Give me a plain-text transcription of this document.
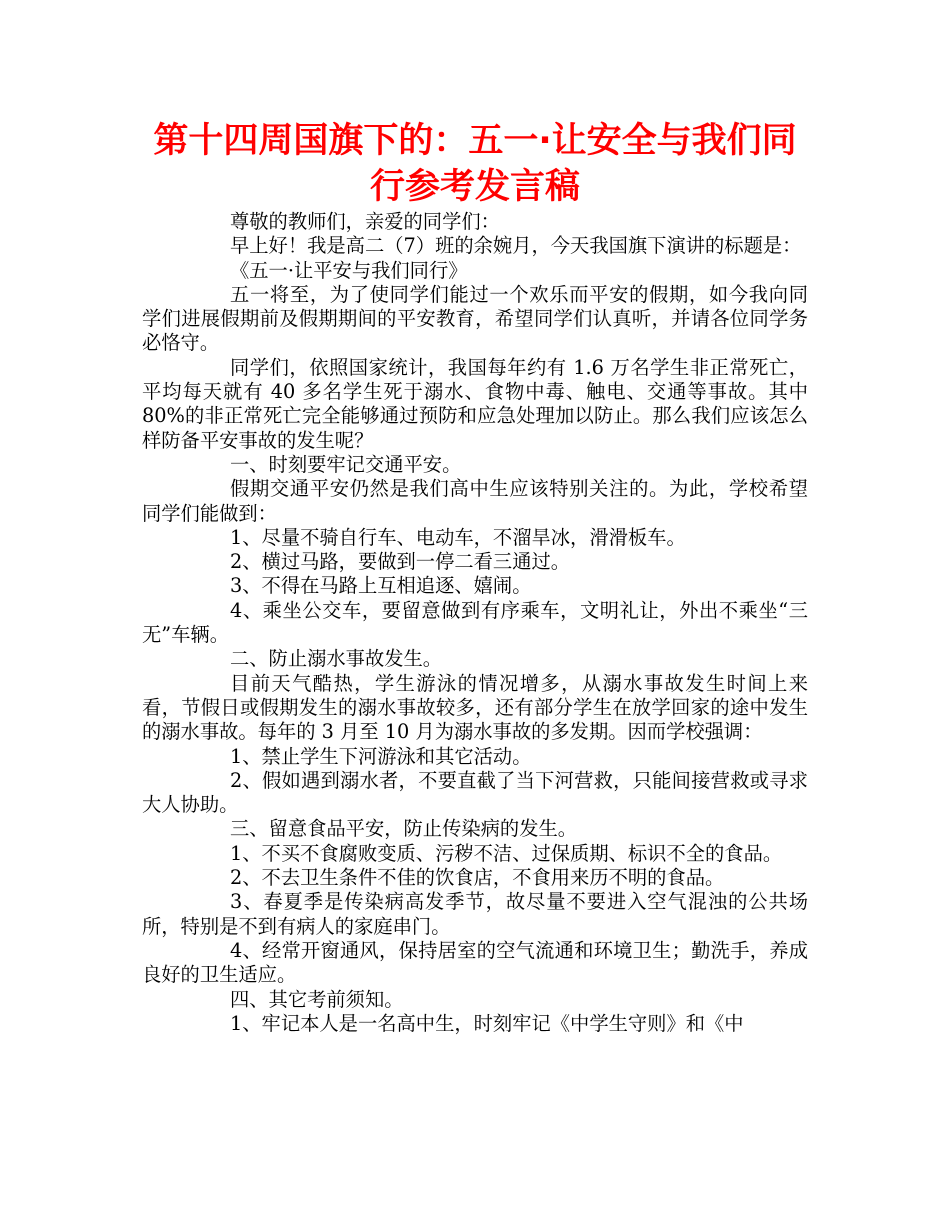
第十四周国旗下的：五一·让安全与我们同
行参考发言稿

尊敬的教师们，亲爱的同学们：

早上好！我是高二（7）班的余婉月，今天我国旗下演讲的标题是：

《五一·让平安与我们同行》

五一将至，为了使同学们能过一个欢乐而平安的假期，如今我向同学们进展假期前及假期期间的平安教育，希望同学们认真听，并请各位同学务必恪守。

同学们，依照国家统计，我国每年约有 1.6 万名学生非正常死亡，平均每天就有 40 多名学生死于溺水、食物中毒、触电、交通等事故。其中 80%的非正常死亡完全能够通过预防和应急处理加以防止。那么我们应该怎么样防备平安事故的发生呢？

一、时刻要牢记交通平安。

假期交通平安仍然是我们高中生应该特别关注的。为此，学校希望同学们能做到：

1、尽量不骑自行车、电动车，不溜旱冰，滑滑板车。

2、横过马路，要做到一停二看三通过。

3、不得在马路上互相追逐、嬉闹。

4、乘坐公交车，要留意做到有序乘车，文明礼让，外出不乘坐“三无”车辆。

二、防止溺水事故发生。

目前天气酷热，学生游泳的情况增多，从溺水事故发生时间上来看，节假日或假期发生的溺水事故较多，还有部分学生在放学回家的途中发生的溺水事故。每年的 3 月至 10 月为溺水事故的多发期。因而学校强调：

1、禁止学生下河游泳和其它活动。

2、假如遇到溺水者，不要直截了当下河营救，只能间接营救或寻求大人协助。

三、留意食品平安，防止传染病的发生。

1、不买不食腐败变质、污秽不洁、过保质期、标识不全的食品。

2、不去卫生条件不佳的饮食店，不食用来历不明的食品。

3、春夏季是传染病高发季节，故尽量不要进入空气混浊的公共场所，特别是不到有病人的家庭串门。

4、经常开窗通风，保持居室的空气流通和环境卫生；勤洗手，养成良好的卫生适应。

四、其它考前须知。

1、牢记本人是一名高中生，时刻牢记《中学生守则》和《中
